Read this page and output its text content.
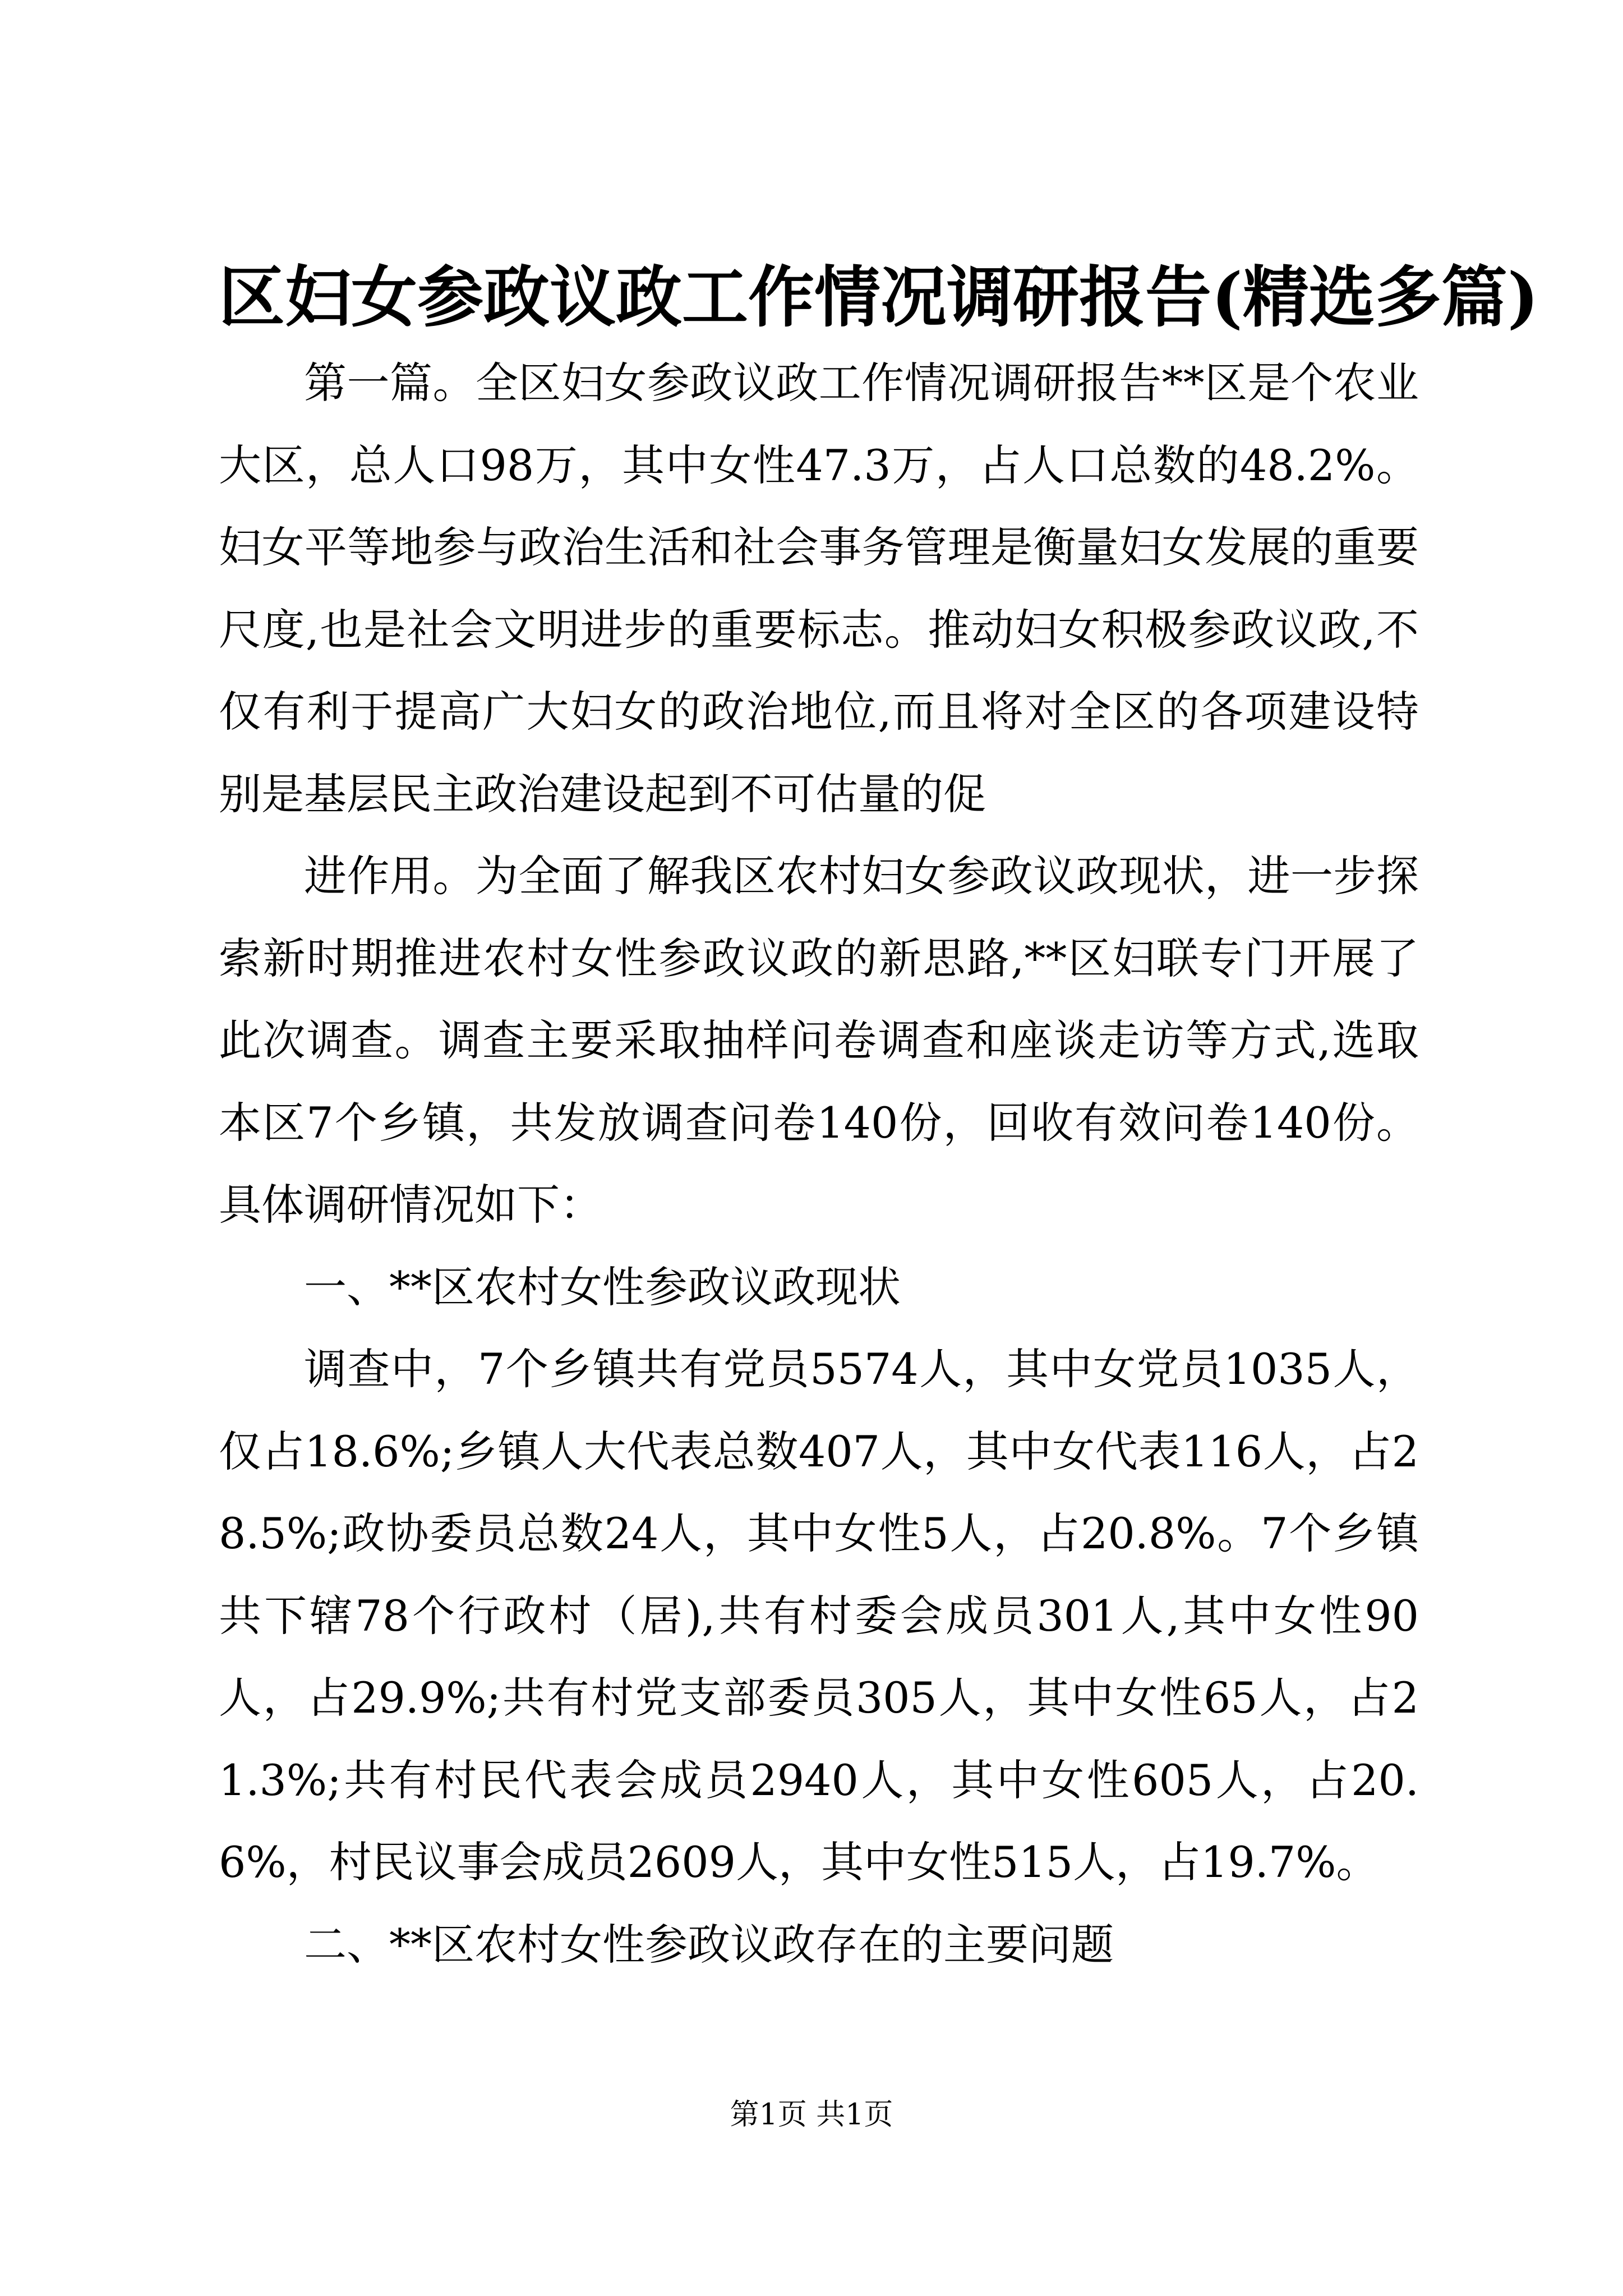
区妇女参政议政工作情况调研报告(精选多篇)

第一篇。全区妇女参政议政工作情况调研报告**区是个农业大区，总人口98万，其中女性47.3万，占人口总数的48.2%。妇女平等地参与政治生活和社会事务管理是衡量妇女发展的重要尺度,也是社会文明进步的重要标志。推动妇女积极参政议政,不仅有利于提高广大妇女的政治地位,而且将对全区的各项建设特别是基层民主政治建设起到不可估量的促

进作用。为全面了解我区农村妇女参政议政现状，进一步探索新时期推进农村女性参政议政的新思路,**区妇联专门开展了此次调查。调查主要采取抽样问卷调查和座谈走访等方式,选取本区7个乡镇，共发放调查问卷140份，回收有效问卷140份。具体调研情况如下：

一、**区农村女性参政议政现状

调查中，7个乡镇共有党员5574人，其中女党员1035人，仅占18.6%;乡镇人大代表总数407人，其中女代表116人，占28.5%;政协委员总数24人，其中女性5人，占20.8%。7个乡镇共下辖78个行政村（居),共有村委会成员301人,其中女性90人，占29.9%;共有村党支部委员305人，其中女性65人，占21.3%;共有村民代表会成员2940人，其中女性605人，占20.6%，村民议事会成员2609人，其中女性515人，占19.7%。

二、**区农村女性参政议政存在的主要问题

第1页 共1页
